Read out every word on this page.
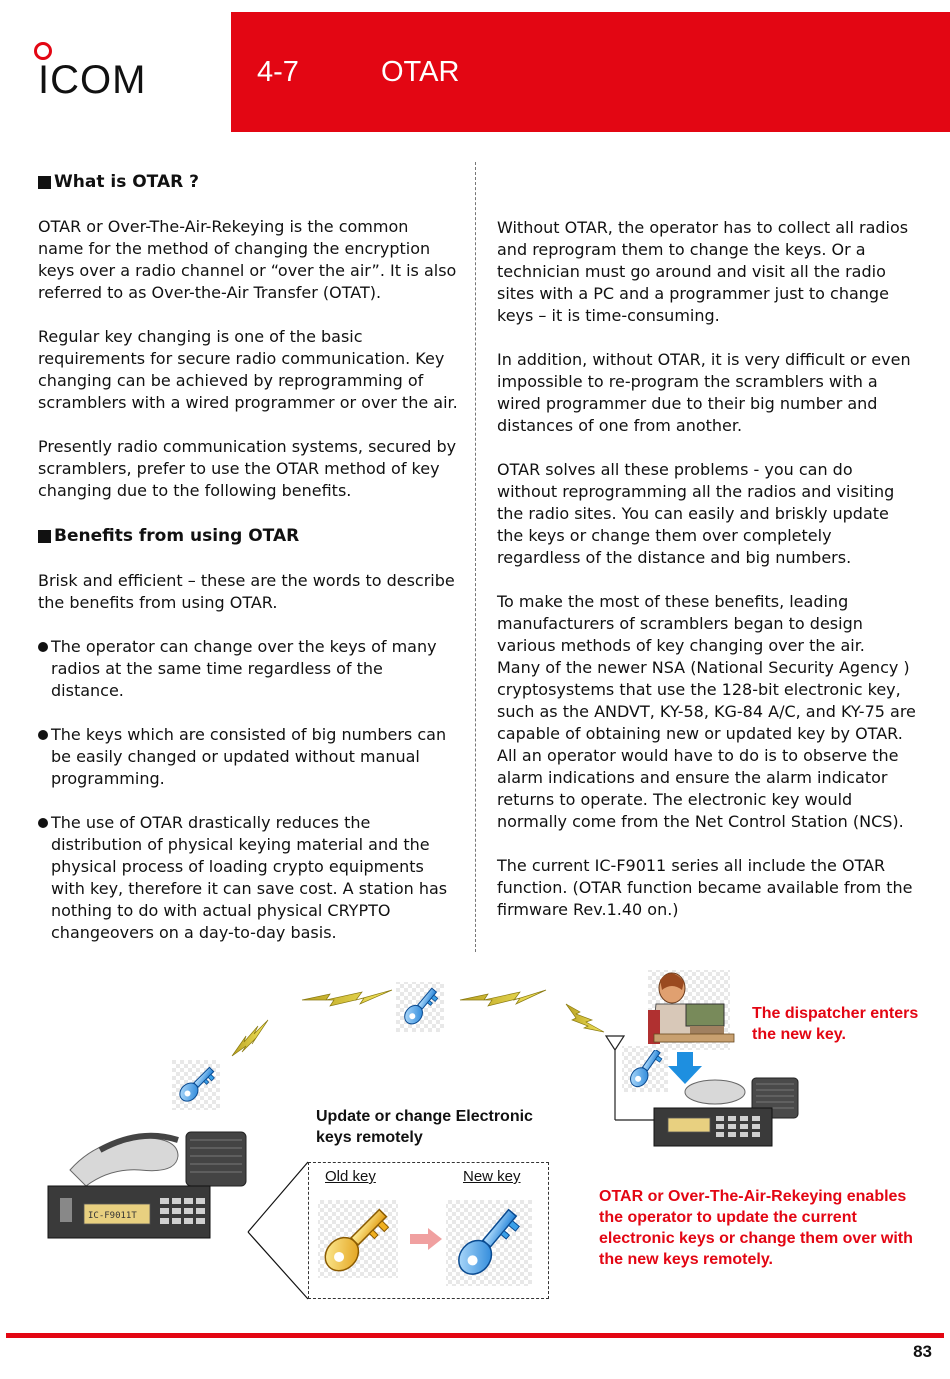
ICOM	4-7	OTAR
What is OTAR ?
OTAR or Over-The-Air-Rekeying is the common name for the method of changing the encryption keys over a radio channel or “over the air”. It is also referred to as Over-the-Air Transfer (OTAT).
Regular key changing is one of the basic requirements for secure radio communication. Key changing can be achieved by reprogramming of scramblers with a wired programmer or over the air.
Presently radio communication systems, secured by scramblers, prefer to use the OTAR method of key changing due to the following benefits.
Benefits from using OTAR
Brisk and efficient – these are the words to describe the benefits from using OTAR.
The operator can change over the keys of many radios at the same time regardless of the distance.
The keys which are consisted of big numbers can be easily changed or updated without manual programming.
The use of OTAR drastically reduces the distribution of physical keying material and the physical process of loading crypto equipments with key, therefore it can save cost. A station has nothing to do with actual physical CRYPTO changeovers on a day-to-day basis.
Without OTAR, the operator has to collect all radios and reprogram them to change the keys. Or a technician must go around and visit all the radio sites with a PC and a programmer just to change keys – it is time-consuming.
In addition, without OTAR, it is very difficult or even impossible to re-program the scramblers with a wired programmer due to their big number and distances of one from another.
OTAR solves all these problems - you can do without reprogramming all the radios and visiting the radio sites. You can easily and briskly update the keys or change them over completely regardless of the distance and big numbers.
To make the most of these benefits, leading manufacturers of scramblers began to design various methods of key changing over the air.
Many of the newer NSA (National Security Agency ) cryptosystems that use the 128-bit electronic key, such as the ANDVT, KY-58, KG-84 A/C, and KY-75 are capable of obtaining new or updated key by OTAR. All an operator would have to do is to observe the alarm indications and ensure the alarm indicator returns to operate. The electronic key would normally come from the Net Control Station (NCS).
The current IC-F9011 series all include the OTAR function. (OTAR function became available from the firmware Rev.1.40 on.)
IC-F9011T
Update or change Electronic keys remotely
Old key	New key
The dispatcher enters the new key.
OTAR or Over-The-Air-Rekeying enables the operator to update the current electronic keys or change them over with the new keys remotely.
83
